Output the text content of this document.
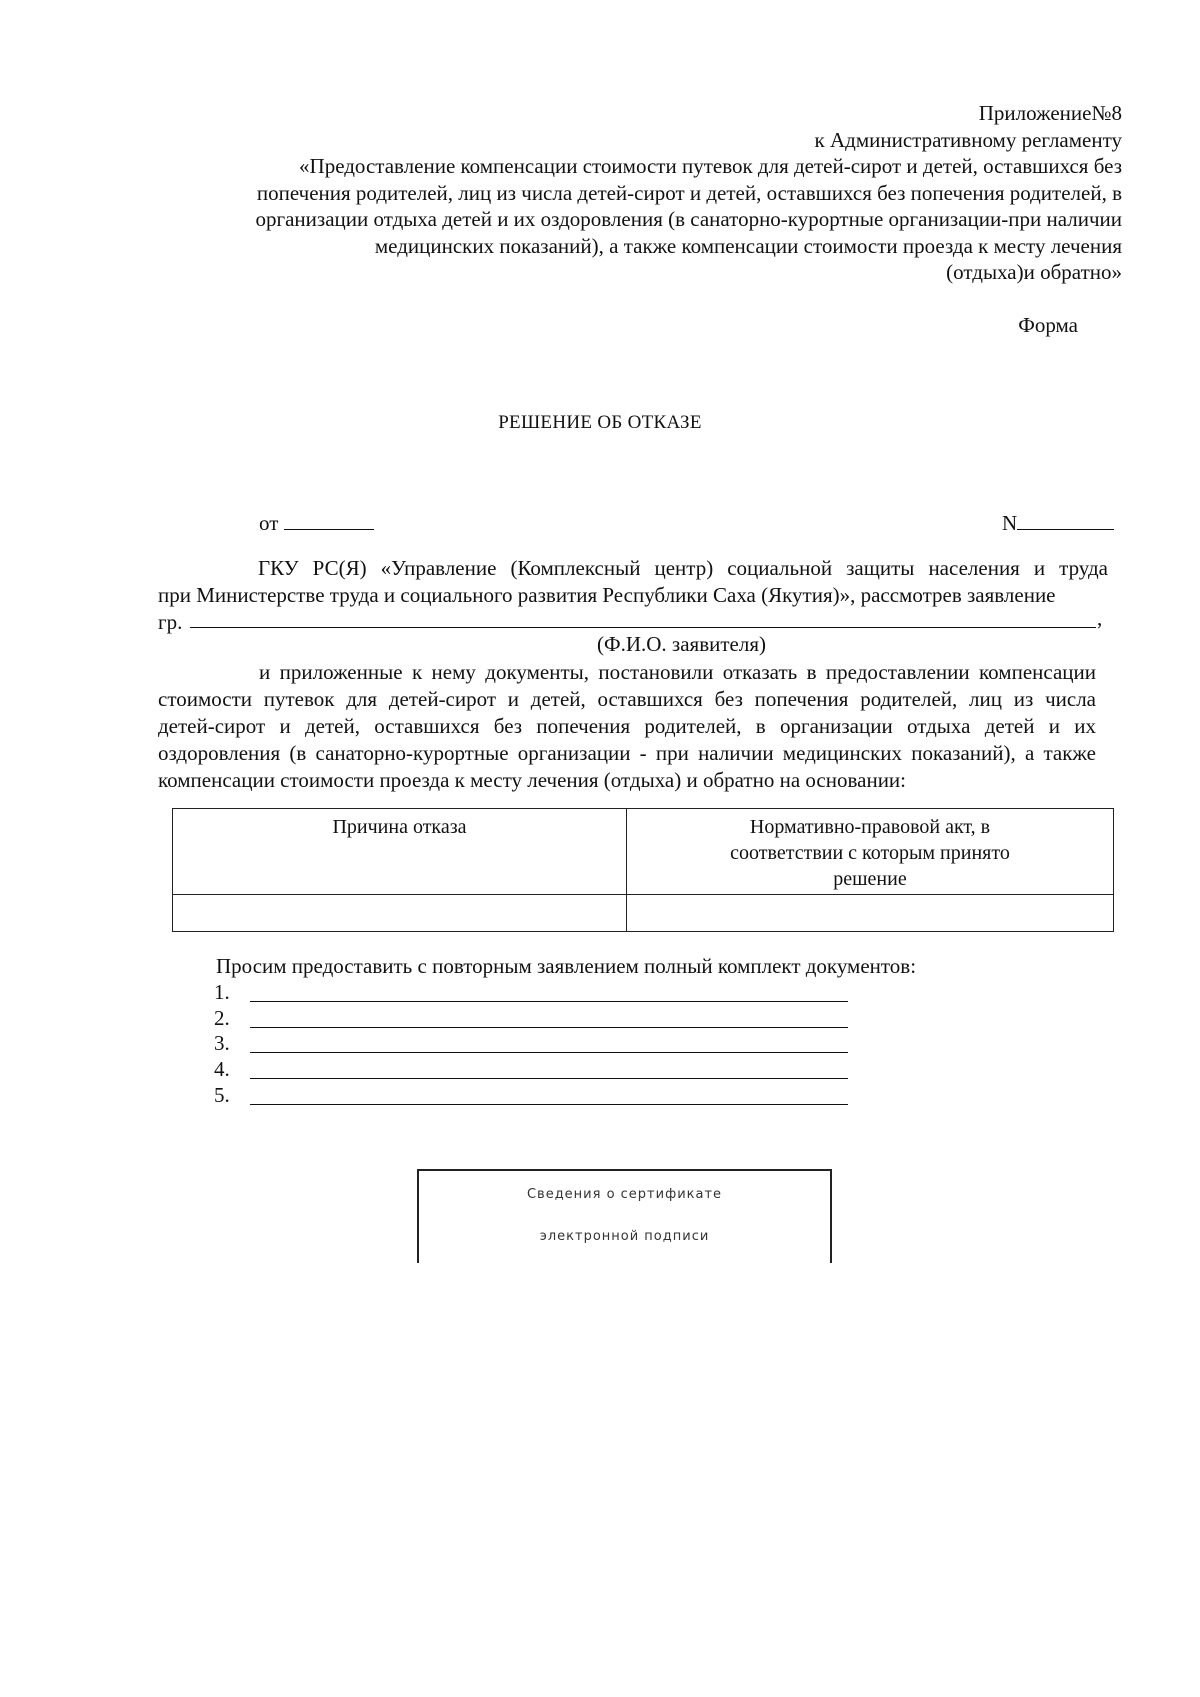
Приложение№8
к Административному регламенту
«Предоставление компенсации стоимости путевок для детей-сирот и детей, оставшихся без
попечения родителей, лиц из числа детей-сирот и детей, оставшихся без попечения родителей, в
организации отдыха детей и их оздоровления (в санаторно-курортные организации-при наличии
медицинских показаний), а также компенсации стоимости проезда к месту лечения
(отдыха)и обратно»
Форма
РЕШЕНИЕ ОБ ОТКАЗЕ
от	N
ГКУ РС(Я) «Управление (Комплексный центр) социальной защиты населения и труда
при Министерстве труда и социального развития Республики Саха (Якутия)», рассмотрев заявление
гр.	,
(Ф.И.О. заявителя)
и приложенные к нему документы, постановили отказать в предоставлении компенсации
стоимости путевок для детей-сирот и детей, оставшихся без попечения родителей, лиц из числа
детей-сирот и детей, оставшихся без попечения родителей, в организации отдыха детей и их
оздоровления (в санаторно-курортные организации - при наличии медицинских показаний), а также
компенсации стоимости проезда к месту лечения (отдыха) и обратно на основании:
Причина отказа	Нормативно-правовой акт, в
соответствии с которым принято
решение

Просим предоставить с повторным заявлением полный комплект документов:
1.
2.
3.
4.
5.
Сведения о сертификате
электронной подписи
